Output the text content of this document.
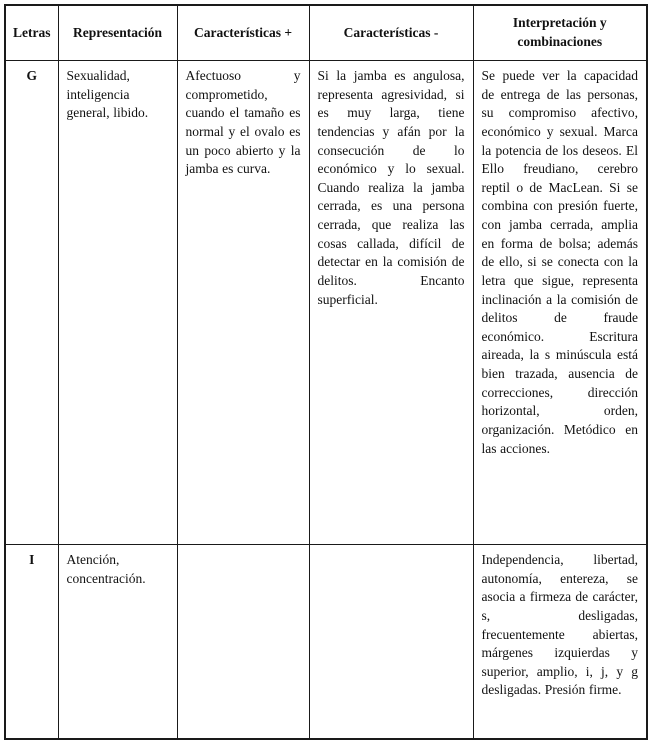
Letras	Representación	Características +	Características -	Interpretación y combinaciones
G	Sexualidad, inteligencia general, libido.	Afectuoso y comprometido, cuando el tamaño es normal y el ovalo es un poco abierto y la jamba es curva.	Si la jamba es angulosa, representa agresividad, si es muy larga, tiene tendencias y afán por la consecución de lo económico y lo sexual. Cuando realiza la jamba cerrada, es una persona cerrada, que realiza las cosas callada, difícil de detectar en la comisión de delitos. Encanto superficial.	Se puede ver la capacidad de entrega de las personas, su compromiso afectivo, económico y sexual. Marca la potencia de los deseos. El Ello freudiano, cerebro reptil o de MacLean. Si se combina con presión fuerte, con jamba cerrada, amplia en forma de bolsa; además de ello, si se conecta con la letra que sigue, representa inclinación a la comisión de delitos de fraude económico. Escritura aireada, la s minúscula está bien trazada, ausencia de correcciones, dirección horizontal, orden, organización. Metódico en las acciones.
I	Atención, concentración.			Independencia, libertad, autonomía, entereza, se asocia a firmeza de carácter, s, desligadas, frecuentemente abiertas, márgenes izquierdas y superior, amplio, i, j, y g desligadas. Presión firme.
